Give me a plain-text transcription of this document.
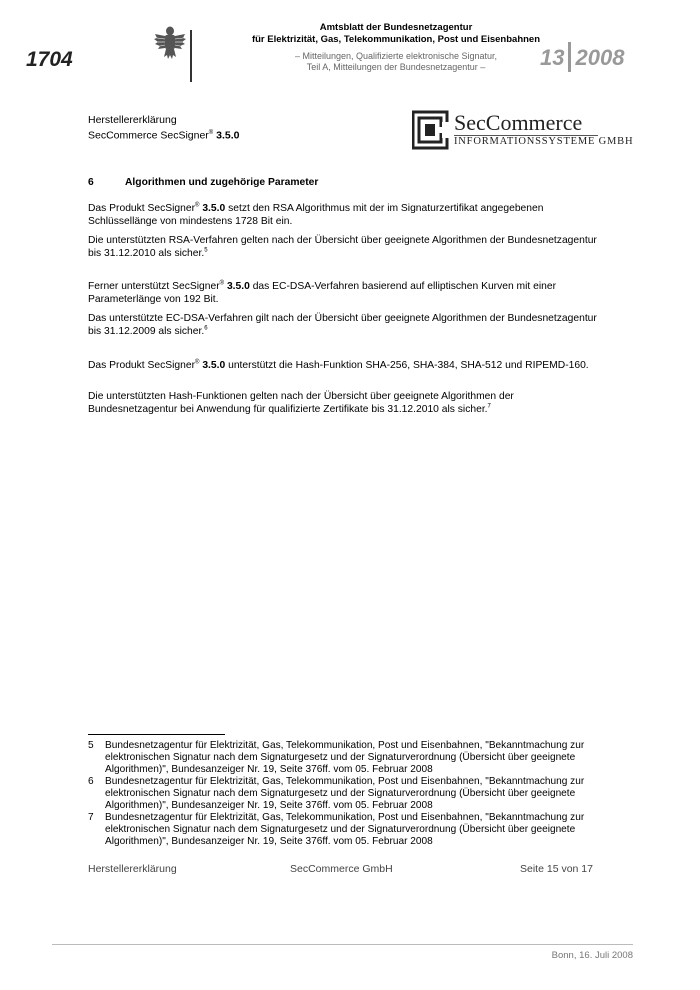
1704
Amtsblatt der Bundesnetzagentur
für Elektrizität, Gas, Telekommunikation, Post und Eisenbahnen
– Mitteilungen, Qualifizierte elektronische Signatur,
Teil A, Mitteilungen der Bundesnetzagentur –	13 2008
Herstellererklärung
SecCommerce SecSigner® 3.5.0
SecCommerce
INFORMATIONSSYSTEME GMBH
6	Algorithmen und zugehörige Parameter

Das Produkt SecSigner® 3.5.0 setzt den RSA Algorithmus mit der im Signaturzertifikat angegebenen Schlüssellänge von mindestens 1728 Bit ein.

Die unterstützten RSA-Verfahren gelten nach der Übersicht über geeignete Algorithmen der Bundesnetzagentur bis 31.12.2010 als sicher.$^5$

Ferner unterstützt SecSigner® 3.5.0 das EC-DSA-Verfahren basierend auf elliptischen Kurven mit einer Parameterlänge von 192 Bit.

Das unterstützte EC-DSA-Verfahren gilt nach der Übersicht über geeignete Algorithmen der Bundesnetzagentur bis 31.12.2009 als sicher.$^6$

Das Produkt SecSigner® 3.5.0 unterstützt die Hash-Funktion SHA-256, SHA-384, SHA-512 und RIPEMD-160.

Die unterstützten Hash-Funktionen gelten nach der Übersicht über geeignete Algorithmen der Bundesnetzagentur bei Anwendung für qualifizierte Zertifikate bis 31.12.2010 als sicher.$^7$

5 Bundesnetzagentur für Elektrizität, Gas, Telekommunikation, Post und Eisenbahnen, "Bekanntmachung zur elektronischen Signatur nach dem Signaturgesetz und der Signaturverordnung (Übersicht über geeignete Algorithmen)", Bundesanzeiger Nr. 19, Seite 376ff. vom 05. Februar 2008
6 Bundesnetzagentur für Elektrizität, Gas, Telekommunikation, Post und Eisenbahnen, "Bekanntmachung zur elektronischen Signatur nach dem Signaturgesetz und der Signaturverordnung (Übersicht über geeignete Algorithmen)", Bundesanzeiger Nr. 19, Seite 376ff. vom 05. Februar 2008
7 Bundesnetzagentur für Elektrizität, Gas, Telekommunikation, Post und Eisenbahnen, "Bekanntmachung zur elektronischen Signatur nach dem Signaturgesetz und der Signaturverordnung (Übersicht über geeignete Algorithmen)", Bundesanzeiger Nr. 19, Seite 376ff. vom 05. Februar 2008
Herstellererklärung	SecCommerce GmbH	Seite 15 von 17
Bonn, 16. Juli 2008
